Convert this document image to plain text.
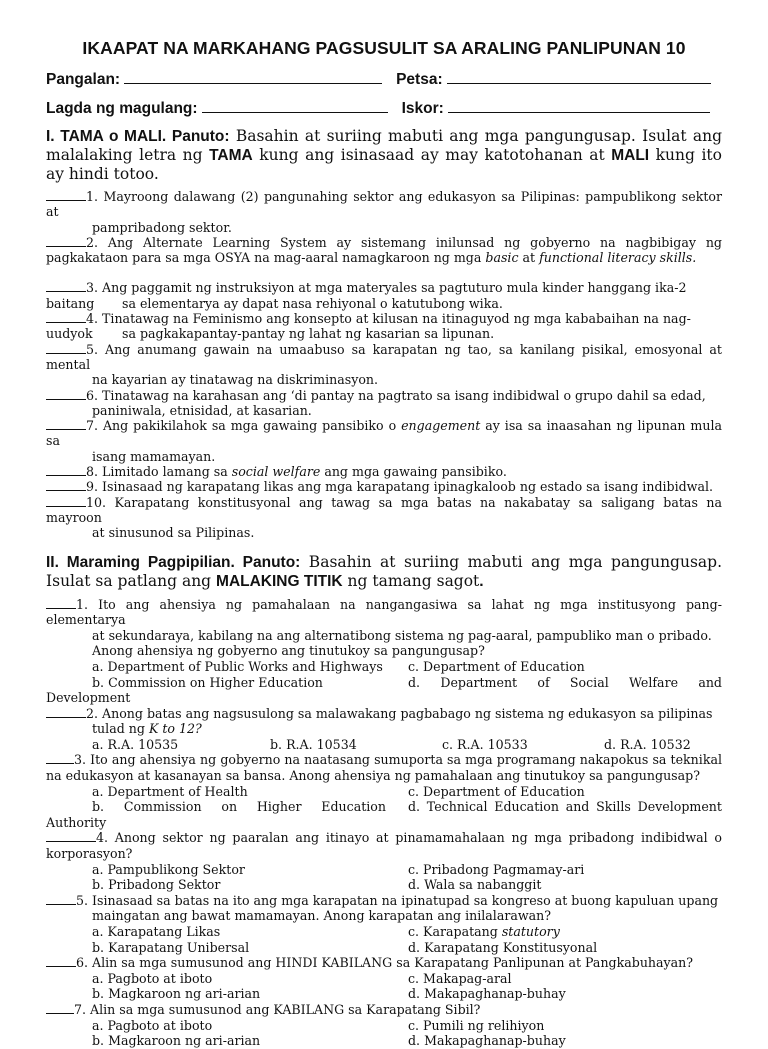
IKAAPAT NA MARKAHANG PAGSUSULIT SA ARALING PANLIPUNAN 10
Pangalan:	Petsa:
Lagda ng magulang:	Iskor:

I. TAMA o MALI. Panuto: Basahin at suriing mabuti ang mga pangungusap. Isulat ang malalaking letra ng TAMA kung ang isinasaad ay may katotohanan at MALI kung ito ay hindi totoo.

1. Mayroong dalawang (2) pangunahing sektor ang edukasyon sa Pilipinas: pampublikong sektor at
pampribadong sektor.

2. Ang Alternate Learning System ay sistemang inilunsad ng gobyerno na nagbibigay ng pagkakataon para sa mga OSYA na mag-aaral namagkaroon ng mga basic at functional literacy skills.

3. Ang paggamit ng instruksiyon at mga materyales sa pagtuturo mula kinder hanggang ika-2
baitang sa elementarya ay dapat nasa rehiyonal o katutubong wika.

4. Tinatawag na Feminismo ang konsepto at kilusan na itinaguyod ng mga kababaihan na nag-
uudyok sa pagkakapantay-pantay ng lahat ng kasarian sa lipunan.

5. Ang anumang gawain na umaabuso sa karapatan ng tao, sa kanilang pisikal, emosyonal at mental
na kayarian ay tinatawag na diskriminasyon.

6. Tinatawag na karahasan ang ‘di pantay na pagtrato sa isang indibidwal o grupo dahil sa edad,
paniniwala, etnisidad, at kasarian.

7. Ang pakikilahok sa mga gawaing pansibiko o engagement ay isa sa inaasahan ng lipunan mula sa
isang mamamayan.

8. Limitado lamang sa social welfare ang mga gawaing pansibiko.

9. Isinasaad ng karapatang likas ang mga karapatang ipinagkaloob ng estado sa isang indibidwal.

10. Karapatang konstitusyonal ang tawag sa mga batas na nakabatay sa saligang batas na mayroon
at sinusunod sa Pilipinas.

II. Maraming Pagpipilian. Panuto: Basahin at suriing mabuti ang mga pangungusap. Isulat sa patlang ang MALAKING TITIK ng tamang sagot.

1. Ito ang ahensiya ng pamahalaan na nangangasiwa sa lahat ng mga institusyong pang-elementarya
at sekundaraya, kabilang na ang alternatibong sistema ng pag-aaral, pampubliko man o pribado.
Anong ahensiya ng gobyerno ang tinutukoy sa pangungusap?

a. Department of Public Works and Highways	c. Department of Education
b. Commission on Higher Education	d. Department of Social Welfare and

Development

2. Anong batas ang nagsusulong sa malawakang pagbabago ng sistema ng edukasyon sa pilipinas
tulad ng K to 12?

a. R.A. 10535	b. R.A. 10534	c. R.A. 10533	d. R.A. 10532

3. Ito ang ahensiya ng gobyerno na naatasang sumuporta sa mga programang nakapokus sa teknikal na edukasyon at kasanayan sa bansa. Anong ahensiya ng pamahalaan ang tinutukoy sa pangungusap?

a. Department of Health	c. Department of Education
b. Commission on Higher Education d. Technical Education and Skills Development

Authority

4. Anong sektor ng paaralan ang itinayo at pinamamahalaan ng mga pribadong indibidwal o korporasyon?

a. Pampublikong Sektor	c. Pribadong Pagmamay-ari
b. Pribadong Sektor	d. Wala sa nabanggit

5. Isinasaad sa batas na ito ang mga karapatan na ipinatupad sa kongreso at buong kapuluan upang
maingatan ang bawat mamamayan. Anong karapatan ang inilalarawan?

a. Karapatang Likas	c. Karapatang statutory
b. Karapatang Unibersal	d. Karapatang Konstitusyonal

6. Alin sa mga sumusunod ang HINDI KABILANG sa Karapatang Panlipunan at Pangkabuhayan?

a. Pagboto at iboto	c. Makapag-aral
b. Magkaroon ng ari-arian	d. Makapaghanap-buhay

7. Alin sa mga sumusunod ang KABILANG sa Karapatang Sibil?

a. Pagboto at iboto	c. Pumili ng relihiyon
b. Magkaroon ng ari-arian	d. Makapaghanap-buhay
